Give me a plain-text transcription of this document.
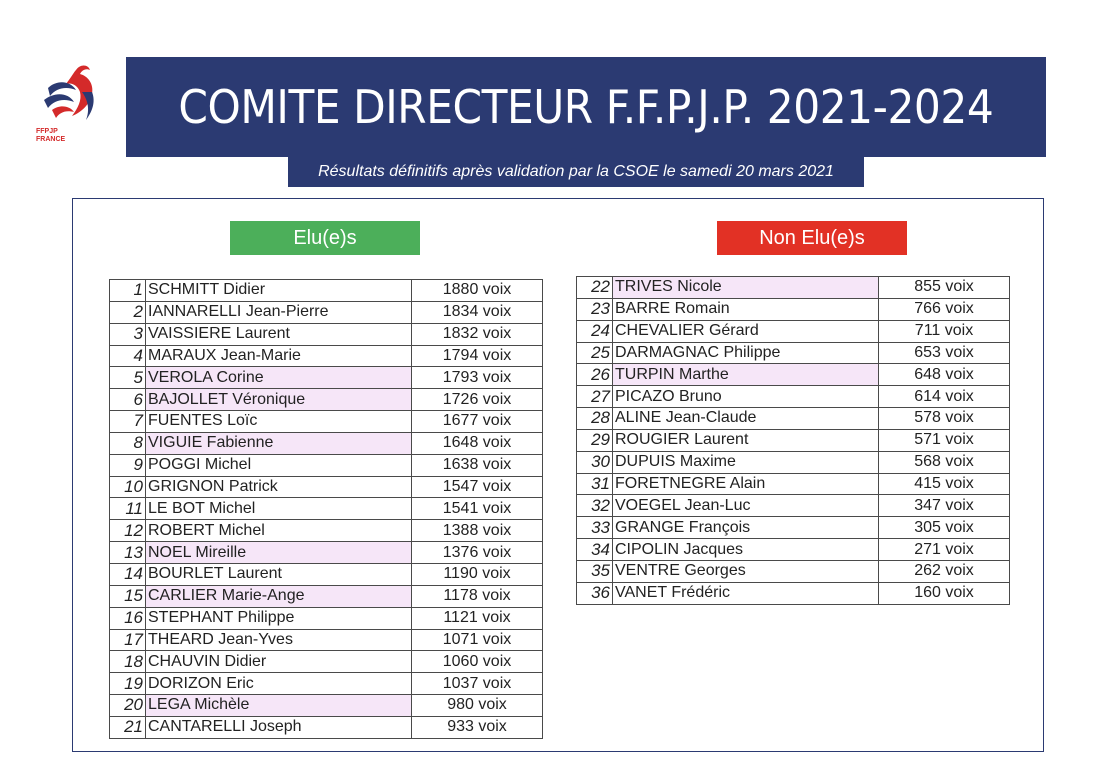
FFPJP
FRANCE
COMITE DIRECTEUR F.F.P.J.P. 2021-2024
Résultats définitifs après validation par la CSOE le samedi 20 mars 2021
Elu(e)s	Non Elu(e)s
1	SCHMITT Didier	1880 voix
2	IANNARELLI Jean-Pierre	1834 voix
3	VAISSIERE Laurent	1832 voix
4	MARAUX Jean-Marie	1794 voix
5	VEROLA Corine	1793 voix
6	BAJOLLET Véronique	1726 voix
7	FUENTES Loïc	1677 voix
8	VIGUIE Fabienne	1648 voix
9	POGGI Michel	1638 voix
10	GRIGNON Patrick	1547 voix
11	LE BOT Michel	1541 voix
12	ROBERT Michel	1388 voix
13	NOEL Mireille	1376 voix
14	BOURLET Laurent	1190 voix
15	CARLIER Marie-Ange	1178 voix
16	STEPHANT Philippe	1121 voix
17	THEARD Jean-Yves	1071 voix
18	CHAUVIN Didier	1060 voix
19	DORIZON Eric	1037 voix
20	LEGA Michèle	980 voix
21	CANTARELLI Joseph	933 voix
22	TRIVES Nicole	855 voix
23	BARRE Romain	766 voix
24	CHEVALIER Gérard	711 voix
25	DARMAGNAC Philippe	653 voix
26	TURPIN Marthe	648 voix
27	PICAZO Bruno	614 voix
28	ALINE Jean-Claude	578 voix
29	ROUGIER Laurent	571 voix
30	DUPUIS Maxime	568 voix
31	FORETNEGRE Alain	415 voix
32	VOEGEL Jean-Luc	347 voix
33	GRANGE François	305 voix
34	CIPOLIN Jacques	271 voix
35	VENTRE Georges	262 voix
36	VANET Frédéric	160 voix
